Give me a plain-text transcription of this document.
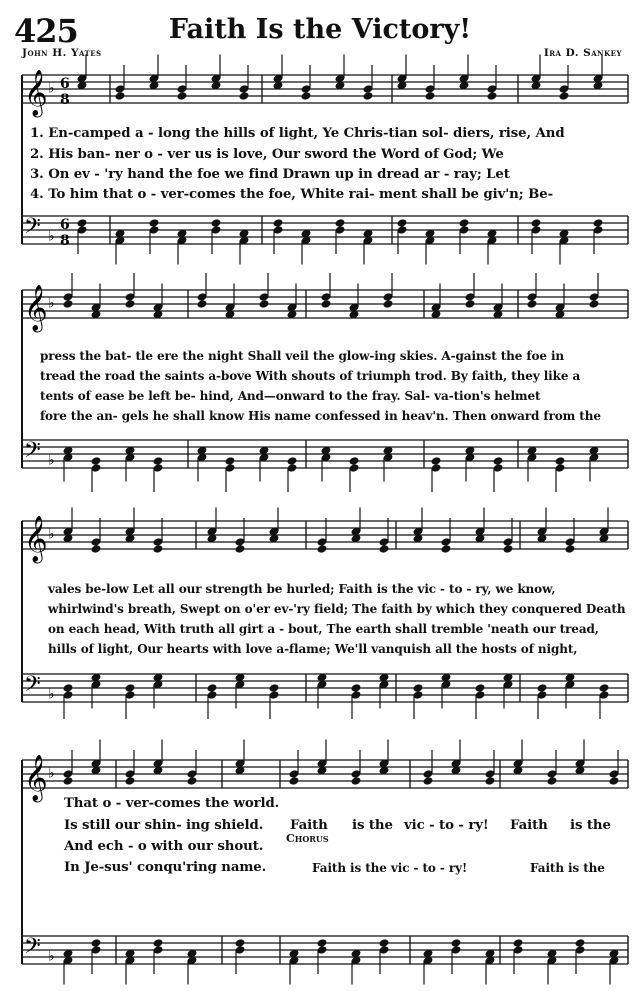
425	Faith Is the Victory!
John H. Yates	Ira D. Sankey
Chorus
1. En-camped a - long the hills of light, Ye Chris-tian sol- diers, rise, And
2. His ban- ner o - ver us is love, Our sword the Word of God; We
3. On ev - 'ry hand the foe we find Drawn up in dread ar - ray; Let
4. To him that o - ver-comes the foe, White rai- ment shall be giv'n; Be-
press the bat- tle ere the night Shall veil the glow-ing skies. A-gainst the foe in
tread the road the saints a-bove With shouts of triumph trod. By faith, they like a
tents of ease be left be- hind, And—onward to the fray. Sal- va-tion's helmet
fore the an- gels he shall know His name confessed in heav'n. Then onward from the
vales be-low Let all our strength be hurled; Faith is the vic - to - ry, we know,
whirlwind's breath, Swept on o'er ev-'ry field; The faith by which they conquered Death
on each head, With truth all girt a - bout, The earth shall tremble 'neath our tread,
hills of light, Our hearts with love a-flame; We'll vanquish all the hosts of night,
That o - ver-comes the world.
Is still our shin- ing shield.
And ech - o with our shout.
In Je-sus' conqu'ring name.
Faith is the vic - to - ry! Faith is the
Faith is the vic - to - ry!	Faith is the
𝄞 ♭ 6
8
𝄢 ♭
6
8
𝄞 ♭
𝄢 ♭
𝄞 ♭
𝄢 ♭
𝄞 ♭
𝄢 ♭
